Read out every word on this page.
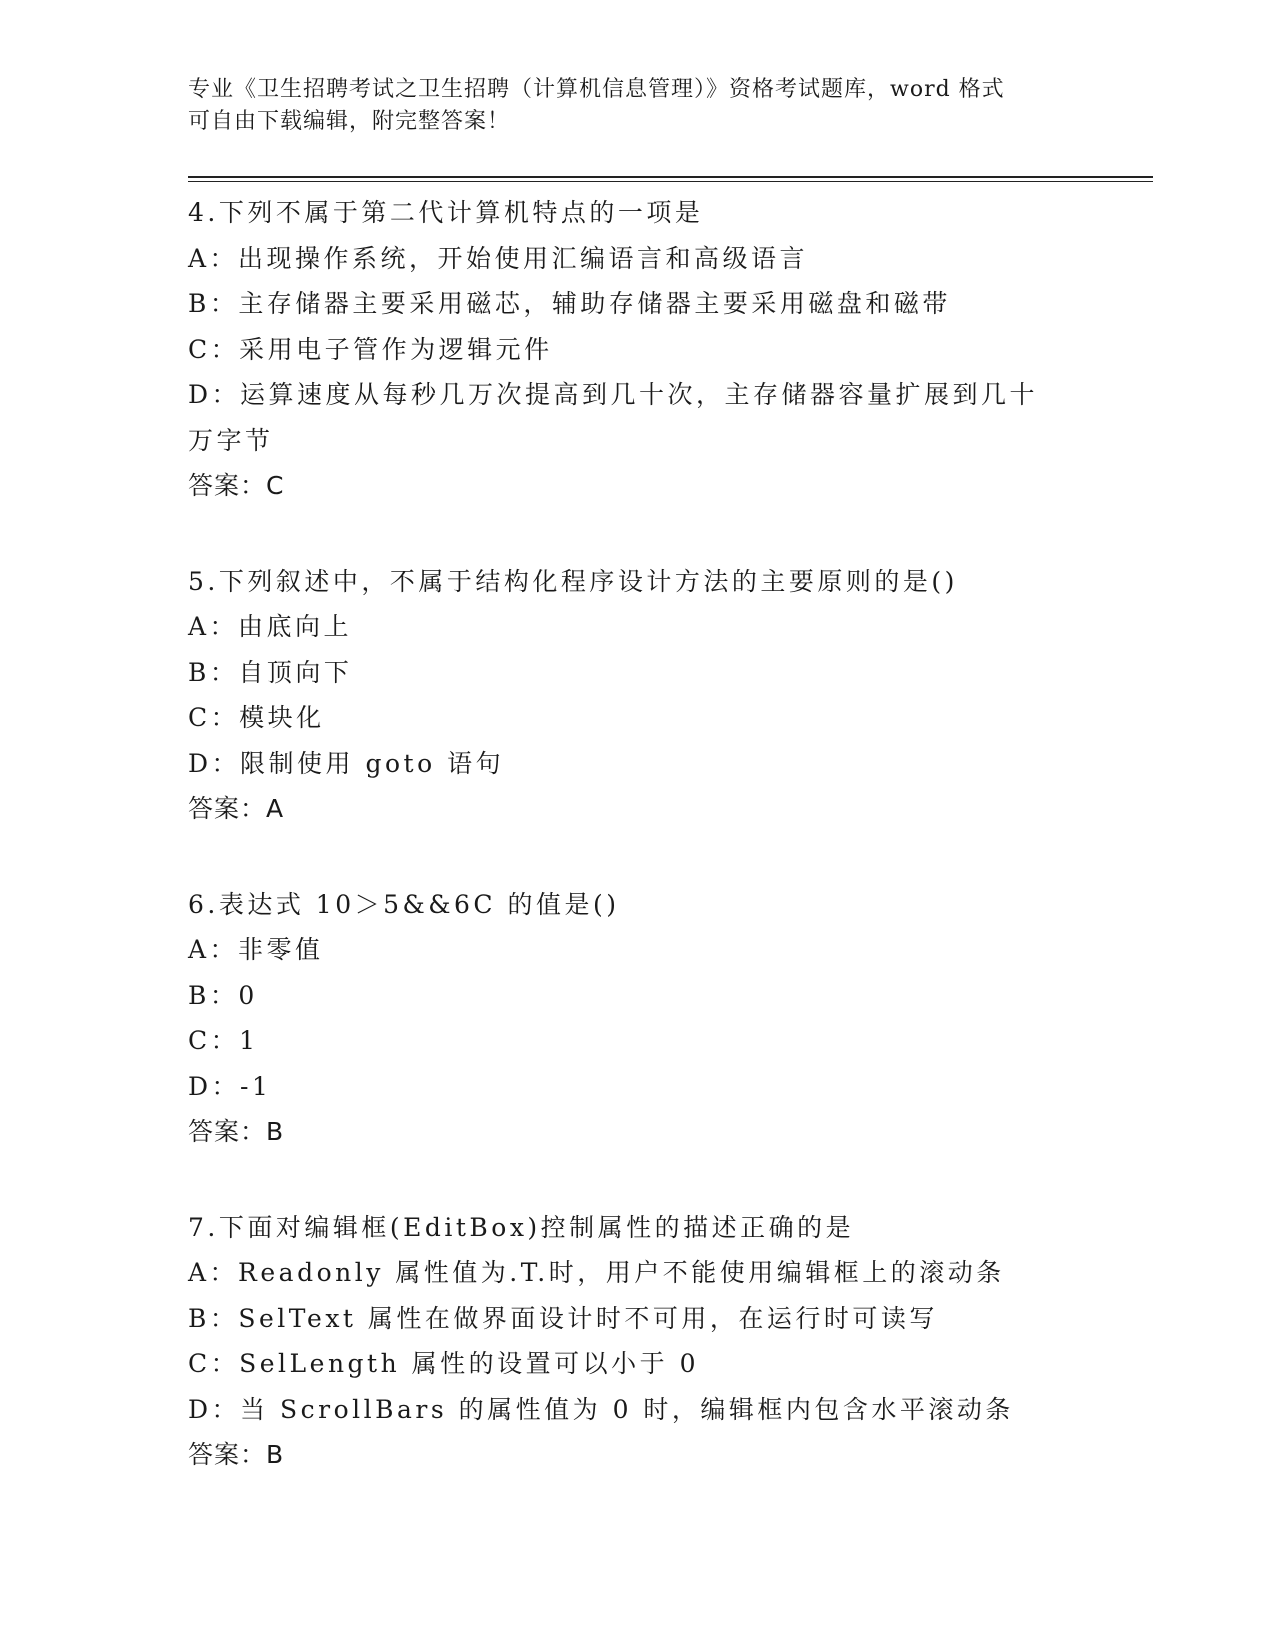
专业《卫生招聘考试之卫生招聘（计算机信息管理）》资格考试题库，word 格式
可自由下载编辑，附完整答案！
4.下列不属于第二代计算机特点的一项是
A：出现操作系统，开始使用汇编语言和高级语言
B：主存储器主要采用磁芯，辅助存储器主要采用磁盘和磁带
C：采用电子管作为逻辑元件
D：运算速度从每秒几万次提高到几十次，主存储器容量扩展到几十万字节
答案：C
5.下列叙述中，不属于结构化程序设计方法的主要原则的是()
A：由底向上
B：自顶向下
C：模块化
D：限制使用 goto 语句
答案：A
6.表达式 10＞5&&6C 的值是()
A：非零值
B：0
C：1
D：-1
答案：B
7.下面对编辑框(EditBox)控制属性的描述正确的是
A：Readonly 属性值为.T.时，用户不能使用编辑框上的滚动条
B：SelText 属性在做界面设计时不可用，在运行时可读写
C：SelLength 属性的设置可以小于 0
D：当 ScrollBars 的属性值为 0 时，编辑框内包含水平滚动条
答案：B
